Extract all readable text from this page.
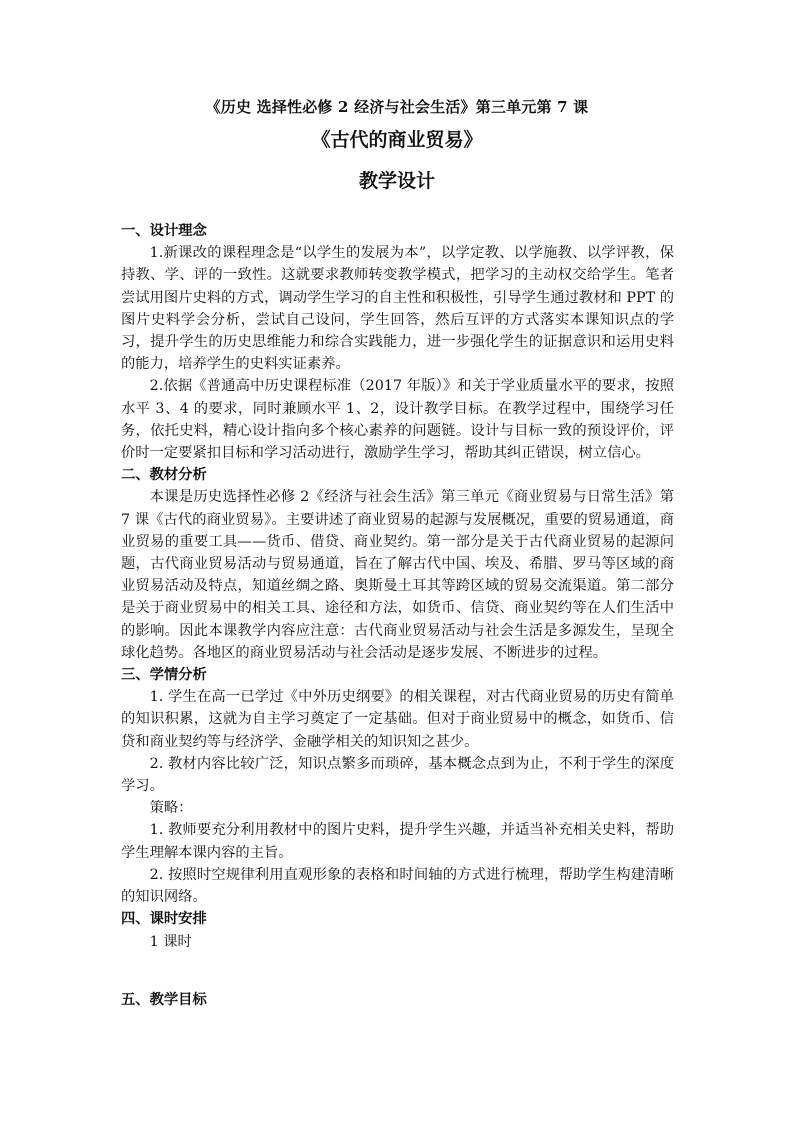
《历史 选择性必修 2 经济与社会生活》第三单元第 7 课
《古代的商业贸易》
教学设计

一、设计理念

1.新课改的课程理念是“以学生的发展为本”，以学定教、以学施教、以学评教，保持教、学、评的一致性。这就要求教师转变教学模式，把学习的主动权交给学生。笔者尝试用图片史料的方式，调动学生学习的自主性和积极性，引导学生通过教材和 PPT 的图片史料学会分析，尝试自己设问，学生回答，然后互评的方式落实本课知识点的学习，提升学生的历史思维能力和综合实践能力，进一步强化学生的证据意识和运用史料的能力，培养学生的史料实证素养。

2.依据《普通高中历史课程标准（2017 年版）》和关于学业质量水平的要求，按照水平 3、4 的要求，同时兼顾水平 1、2，设计教学目标。在教学过程中，围绕学习任务，依托史料，精心设计指向多个核心素养的问题链。设计与目标一致的预设评价，评价时一定要紧扣目标和学习活动进行，激励学生学习，帮助其纠正错误，树立信心。

二、教材分析

本课是历史选择性必修 2《经济与社会生活》第三单元《商业贸易与日常生活》第 7 课《古代的商业贸易》。主要讲述了商业贸易的起源与发展概况，重要的贸易通道，商业贸易的重要工具——货币、借贷、商业契约。第一部分是关于古代商业贸易的起源问题，古代商业贸易活动与贸易通道，旨在了解古代中国、埃及、希腊、罗马等区域的商业贸易活动及特点，知道丝绸之路、奥斯曼土耳其等跨区域的贸易交流渠道。第二部分是关于商业贸易中的相关工具、途径和方法，如货币、信贷、商业契约等在人们生活中的影响。因此本课教学内容应注意：古代商业贸易活动与社会生活是多源发生，呈现全球化趋势。各地区的商业贸易活动与社会活动是逐步发展、不断进步的过程。

三、学情分析

1. 学生在高一已学过《中外历史纲要》的相关课程，对古代商业贸易的历史有简单的知识积累，这就为自主学习奠定了一定基础。但对于商业贸易中的概念，如货币、信贷和商业契约等与经济学、金融学相关的知识知之甚少。

2. 教材内容比较广泛，知识点繁多而琐碎，基本概念点到为止，不利于学生的深度学习。

策略：

1. 教师要充分利用教材中的图片史料，提升学生兴趣，并适当补充相关史料，帮助学生理解本课内容的主旨。

2. 按照时空规律利用直观形象的表格和时间轴的方式进行梳理，帮助学生构建清晰的知识网络。

四、课时安排

1 课时

五、教学目标
